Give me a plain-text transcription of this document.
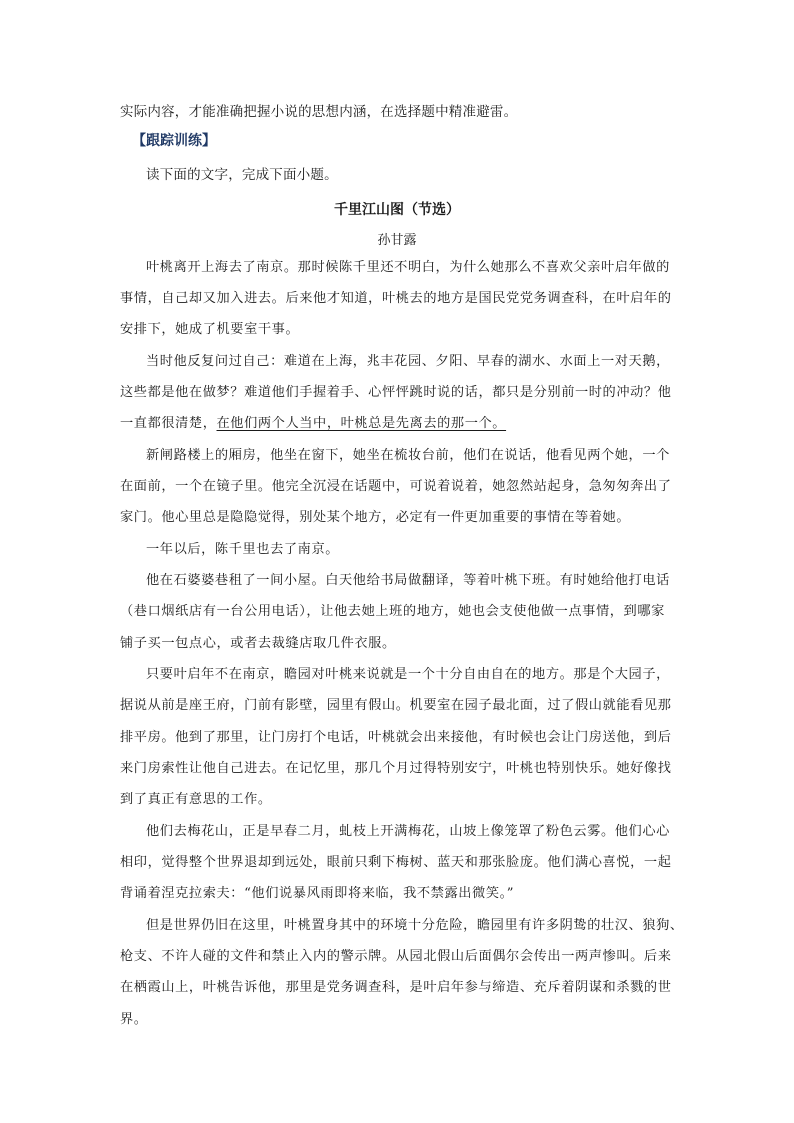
实际内容，才能准确把握小说的思想内涵，在选择题中精准避雷。
【跟踪训练】
读下面的文字，完成下面小题。
千里江山图（节选）
孙甘露
叶桃离开上海去了南京。那时候陈千里还不明白，为什么她那么不喜欢父亲叶启年做的
事情，自己却又加入进去。后来他才知道，叶桃去的地方是国民党党务调查科，在叶启年的
安排下，她成了机要室干事。
当时他反复问过自己：难道在上海，兆丰花园、夕阳、早春的湖水、水面上一对天鹅，
这些都是他在做梦？难道他们手握着手、心怦怦跳时说的话，都只是分别前一时的冲动？他
一直都很清楚，在他们两个人当中，叶桃总是先离去的那一个。
新闸路楼上的厢房，他坐在窗下，她坐在梳妆台前，他们在说话，他看见两个她，一个
在面前，一个在镜子里。他完全沉浸在话题中，可说着说着，她忽然站起身，急匆匆奔出了
家门。他心里总是隐隐觉得，别处某个地方，必定有一件更加重要的事情在等着她。
一年以后，陈千里也去了南京。
他在石婆婆巷租了一间小屋。白天他给书局做翻译，等着叶桃下班。有时她给他打电话
（巷口烟纸店有一台公用电话），让他去她上班的地方，她也会支使他做一点事情，到哪家
铺子买一包点心，或者去裁缝店取几件衣服。
只要叶启年不在南京，瞻园对叶桃来说就是一个十分自由自在的地方。那是个大园子，
据说从前是座王府，门前有影壁，园里有假山。机要室在园子最北面，过了假山就能看见那
排平房。他到了那里，让门房打个电话，叶桃就会出来接他，有时候也会让门房送他，到后
来门房索性让他自己进去。在记忆里，那几个月过得特别安宁，叶桃也特别快乐。她好像找
到了真正有意思的工作。
他们去梅花山，正是早春二月，虬枝上开满梅花，山坡上像笼罩了粉色云雾。他们心心
相印，觉得整个世界退却到远处，眼前只剩下梅树、蓝天和那张脸庞。他们满心喜悦，一起
背诵着涅克拉索夫：“他们说暴风雨即将来临，我不禁露出微笑。”
但是世界仍旧在这里，叶桃置身其中的环境十分危险，瞻园里有许多阴鸷的壮汉、狼狗、
枪支、不许人碰的文件和禁止入内的警示牌。从园北假山后面偶尔会传出一两声惨叫。后来
在栖霞山上，叶桃告诉他，那里是党务调查科，是叶启年参与缔造、充斥着阴谋和杀戮的世
界。
